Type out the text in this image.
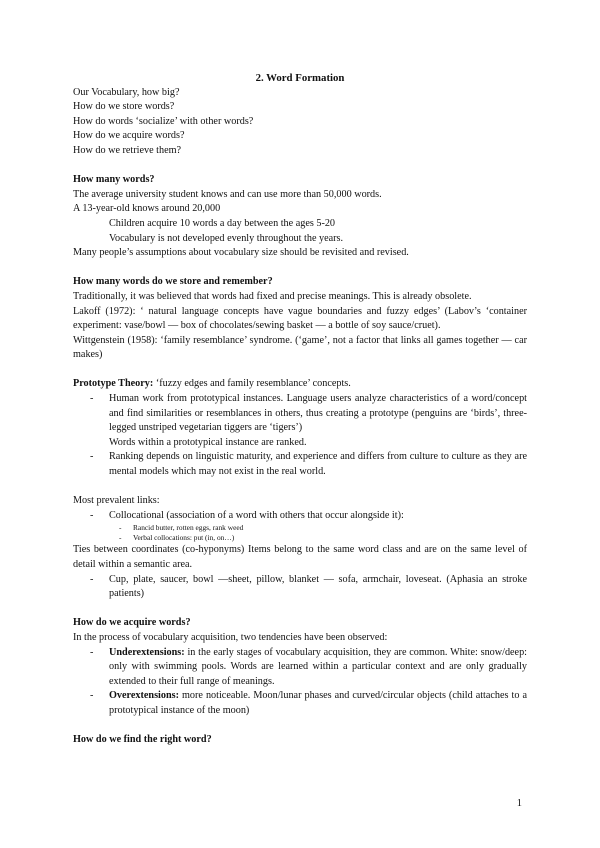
2. Word Formation

Our Vocabulary, how big?

How do we store words?

How do words ‘socialize’ with other words?

How do we acquire words?

How do we retrieve them?

How many words?

The average university student knows and can use more than 50,000 words.

A 13-year-old knows around 20,000

Children acquire 10 words a day between the ages 5-20

Vocabulary is not developed evenly throughout the years.

Many people’s assumptions about vocabulary size should be revisited and revised.

How many words do we store and remember?

Traditionally, it was believed that words had fixed and precise meanings. This is already obsolete.

Lakoff (1972): ‘ natural language concepts have vague boundaries and fuzzy edges’ (Labov’s ‘container experiment: vase/bowl — box of chocolates/sewing basket — a bottle of soy sauce/cruet).

Wittgenstein (1958): ‘family resemblance’ syndrome. (‘game’, not a factor that links all games together — car makes)

Prototype Theory: ‘fuzzy edges and family resemblance’ concepts.

- Human work from prototypical instances. Language users analyze characteristics of a word/concept and find similarities or resemblances in others, thus creating a prototype (penguins are ‘birds’, three-legged unstriped vegetarian tiggers are ‘tigers’)

Words within a prototypical instance are ranked.

- Ranking depends on linguistic maturity, and experience and differs from culture to culture as they are mental models which may not exist in the real world.

Most prevalent links:

- Collocational (association of a word with others that occur alongside it):
- Rancid butter, rotten eggs, rank weed
- Verbal collocations: put (in, on…)

Ties between coordinates (co-hyponyms) Items belong to the same word class and are on the same level of detail within a semantic area.

- Cup, plate, saucer, bowl —sheet, pillow, blanket — sofa, armchair, loveseat. (Aphasia an stroke patients)

How do we acquire words?

In the process of vocabulary acquisition, two tendencies have been observed:

- Underextensions: in the early stages of vocabulary acquisition, they are common. White: snow/deep: only with swimming pools. Words are learned within a particular context and are only gradually extended to their full range of meanings.
- Overextensions: more noticeable. Moon/lunar phases and curved/circular objects (child attaches to a prototypical instance of the moon)

How do we find the right word?

1
